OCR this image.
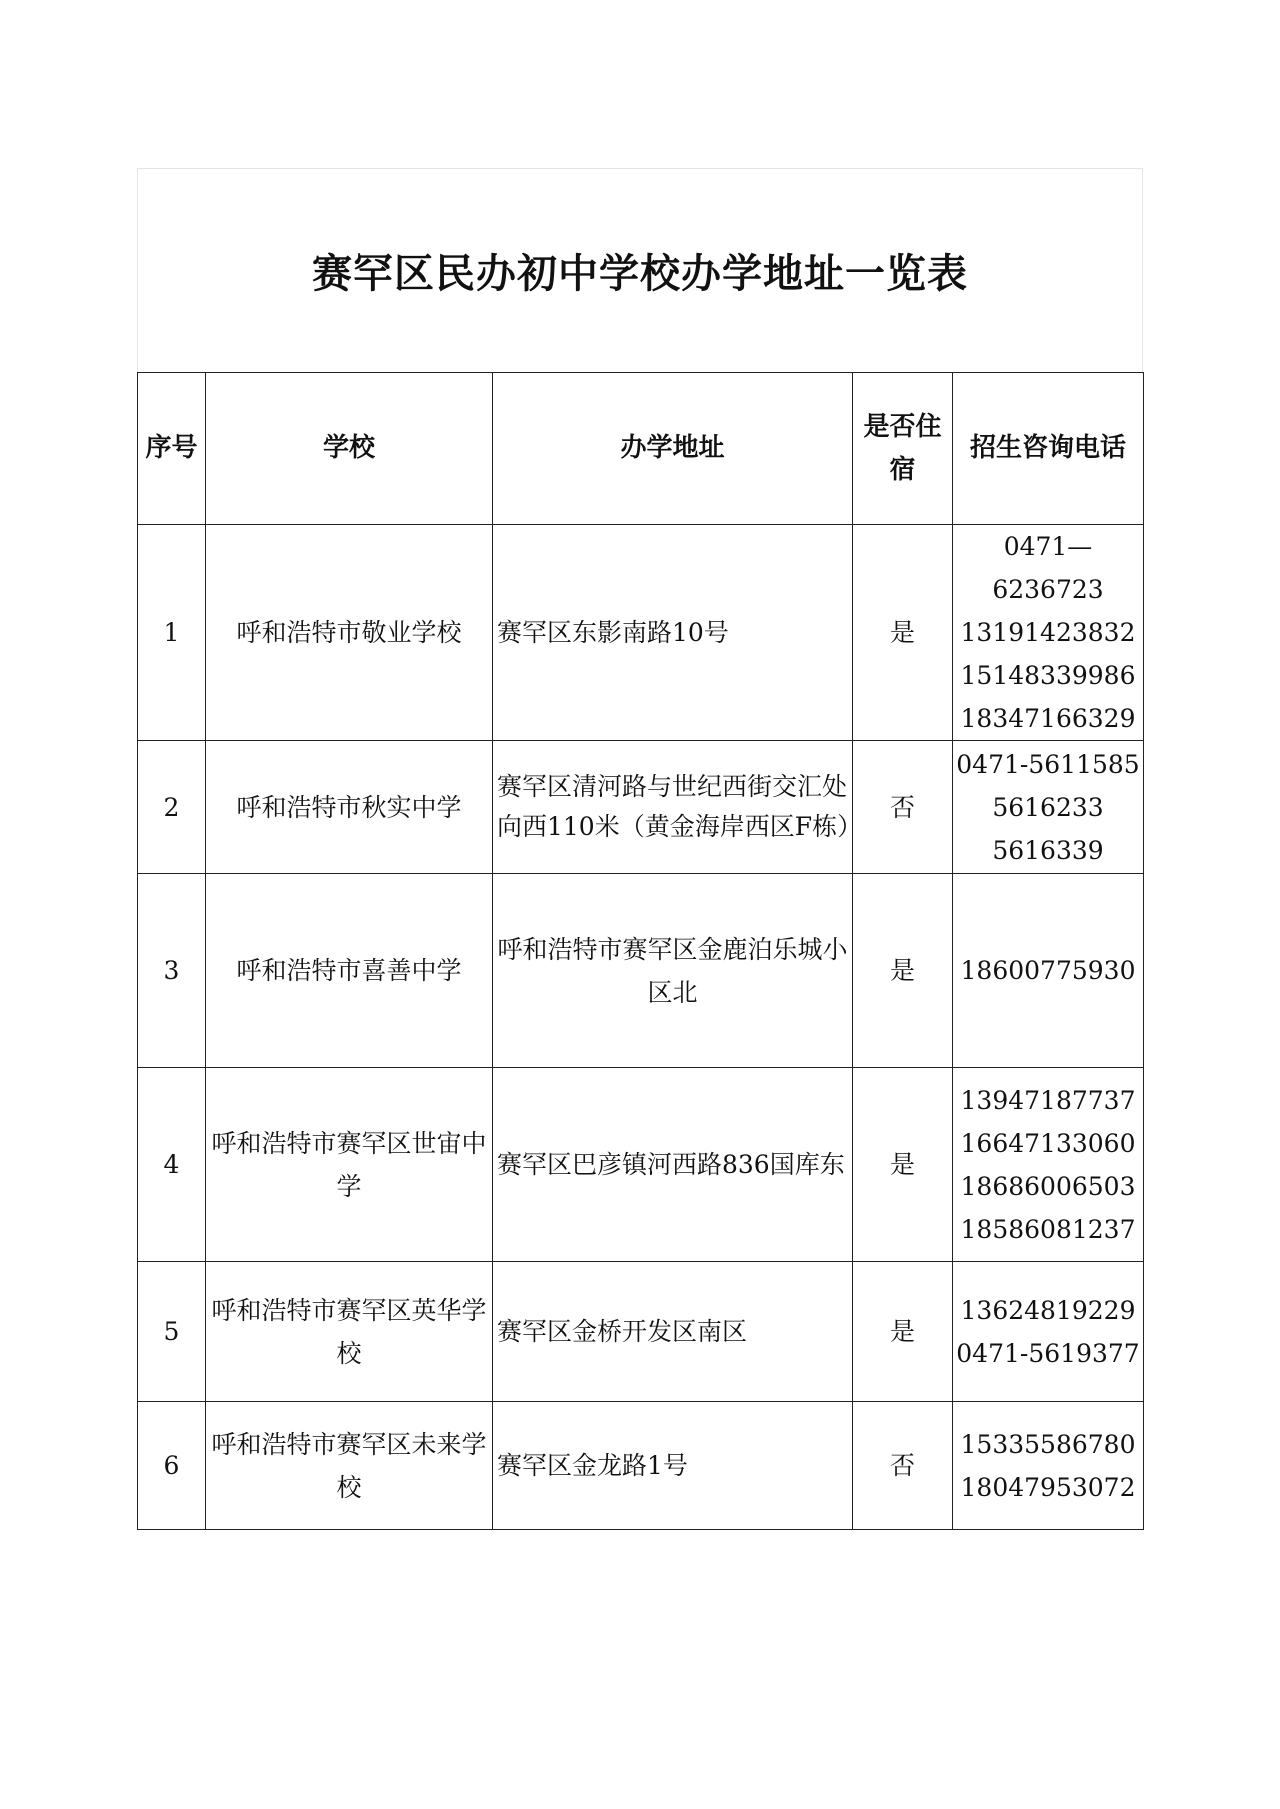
赛罕区民办初中学校办学地址一览表
序号	学校	办学地址	是否住宿	招生咨询电话
1	呼和浩特市敬业学校	赛罕区东影南路10号	是	0471—6236723
13191423832
15148339986
18347166329

2	呼和浩特市秋实中学	赛罕区清河路与世纪西街交汇处向西110米（黄金海岸西区F栋）	否	0471-5611585
5616233
5616339

3	呼和浩特市喜善中学	呼和浩特市赛罕区金鹿泊乐城小区北	是	18600775930

4	呼和浩特市赛罕区世宙中学	赛罕区巴彦镇河西路836国库东	是	13947187737
16647133060
18686006503
18586081237

5	呼和浩特市赛罕区英华学校	赛罕区金桥开发区南区	是	13624819229
0471-5619377

6	呼和浩特市赛罕区未来学校	赛罕区金龙路1号	否	15335586780
18047953072
